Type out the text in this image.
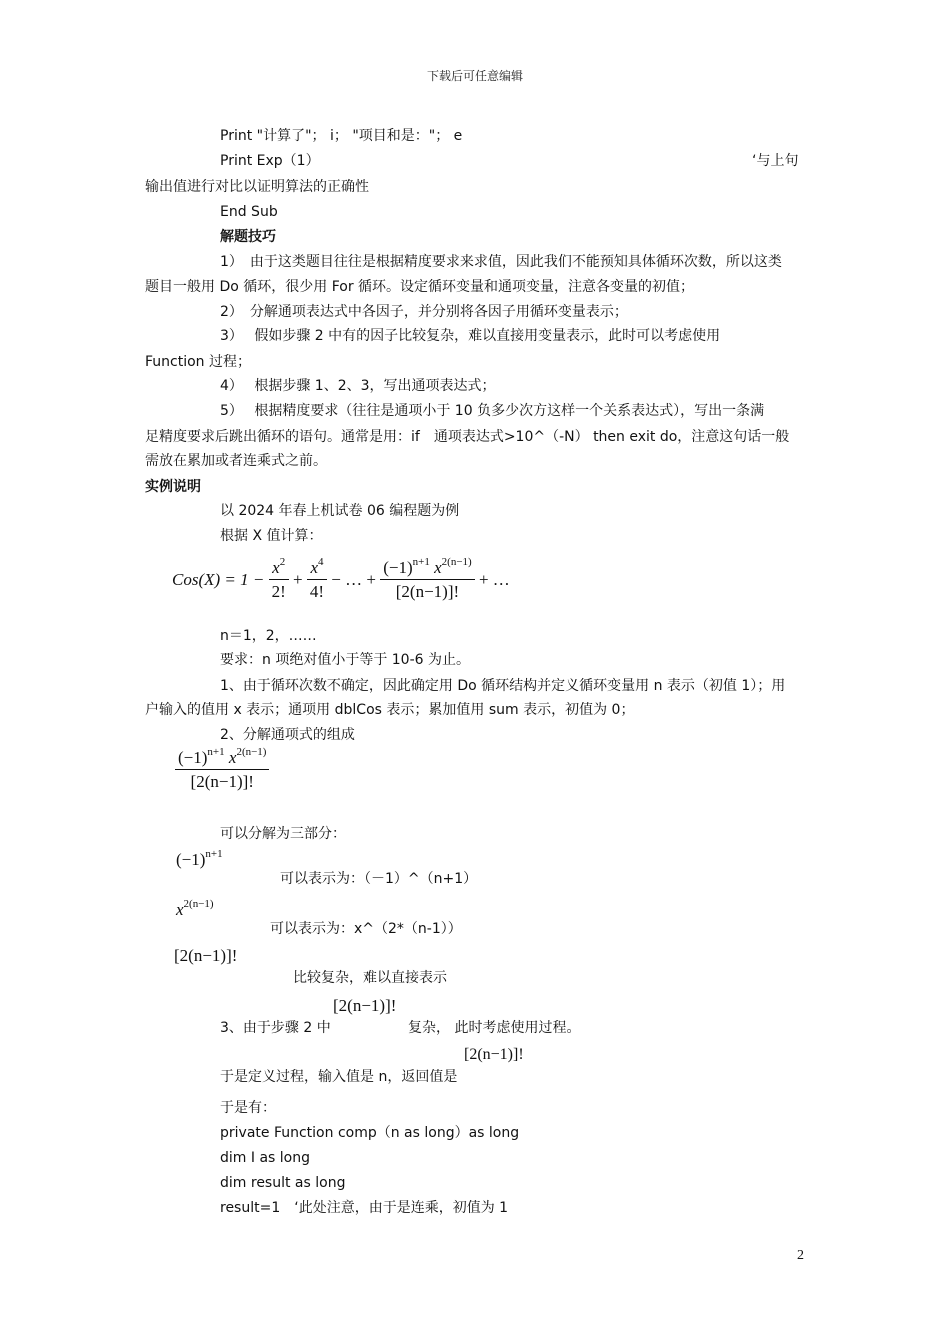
下载后可任意编辑
Print "计算了"； i； "项目和是："； e
Print Exp（1）	‘与上句
输出值进行对比以证明算法的正确性
End Sub
解题技巧
1）　由于这类题目往往是根据精度要求来求值，因此我们不能预知具体循环次数，所以这类
题目一般用 Do 循环，很少用 For 循环。设定循环变量和通项变量，注意各变量的初值；
2）　分解通项表达式中各因子，并分别将各因子用循环变量表示；
3）　 假如步骤 2 中有的因子比较复杂，难以直接用变量表示，此时可以考虑使用
Function 过程；
4）　 根据步骤 1、2、3，写出通项表达式；
5）　 根据精度要求（往往是通项小于 10 负多少次方这样一个关系表达式），写出一条满
足精度要求后跳出循环的语句。通常是用：if　通项表达式>10^（-N） then exit do，注意这句话一般
需放在累加或者连乘式之前。
实例说明
以 2024 年春上机试卷 06 编程题为例
根据 X 值计算：
$Cos(X) = 1 - \frac{x^2}{2!} + \frac{x^4}{4!}$ − … + $\frac{(-1)^{n+1} x^{2(n-1)}}{[2(n-1)]!}$ + …
n＝1，2，……
要求：n 项绝对值小于等于 10-6 为止。
1、由于循环次数不确定，因此确定用 Do 循环结构并定义循环变量用 n 表示（初值 1）；用
户输入的值用 x 表示；通项用 dblCos 表示；累加值用 sum 表示，初值为 0；
2、分解通项式的组成
$\frac{(-1)^{n+1} x^{2(n-1)}}{[2(n-1)]!}$
可以分解为三部分：
$(-1)^{n+1}$
可以表示为：（－1）^（n+1）
$x^{2(n-1)}$
可以表示为：x^（2*（n-1））
[2(n−1)]!
比较复杂，难以直接表示
[2(n−1)]!
3、由于步骤 2 中	复杂， 此时考虑使用过程。
[2(n−1)]!
于是定义过程，输入值是 n，返回值是
于是有：
private Function comp（n as long）as long
dim I as long
dim result as long
result=1　‘此处注意，由于是连乘，初值为 1
2
